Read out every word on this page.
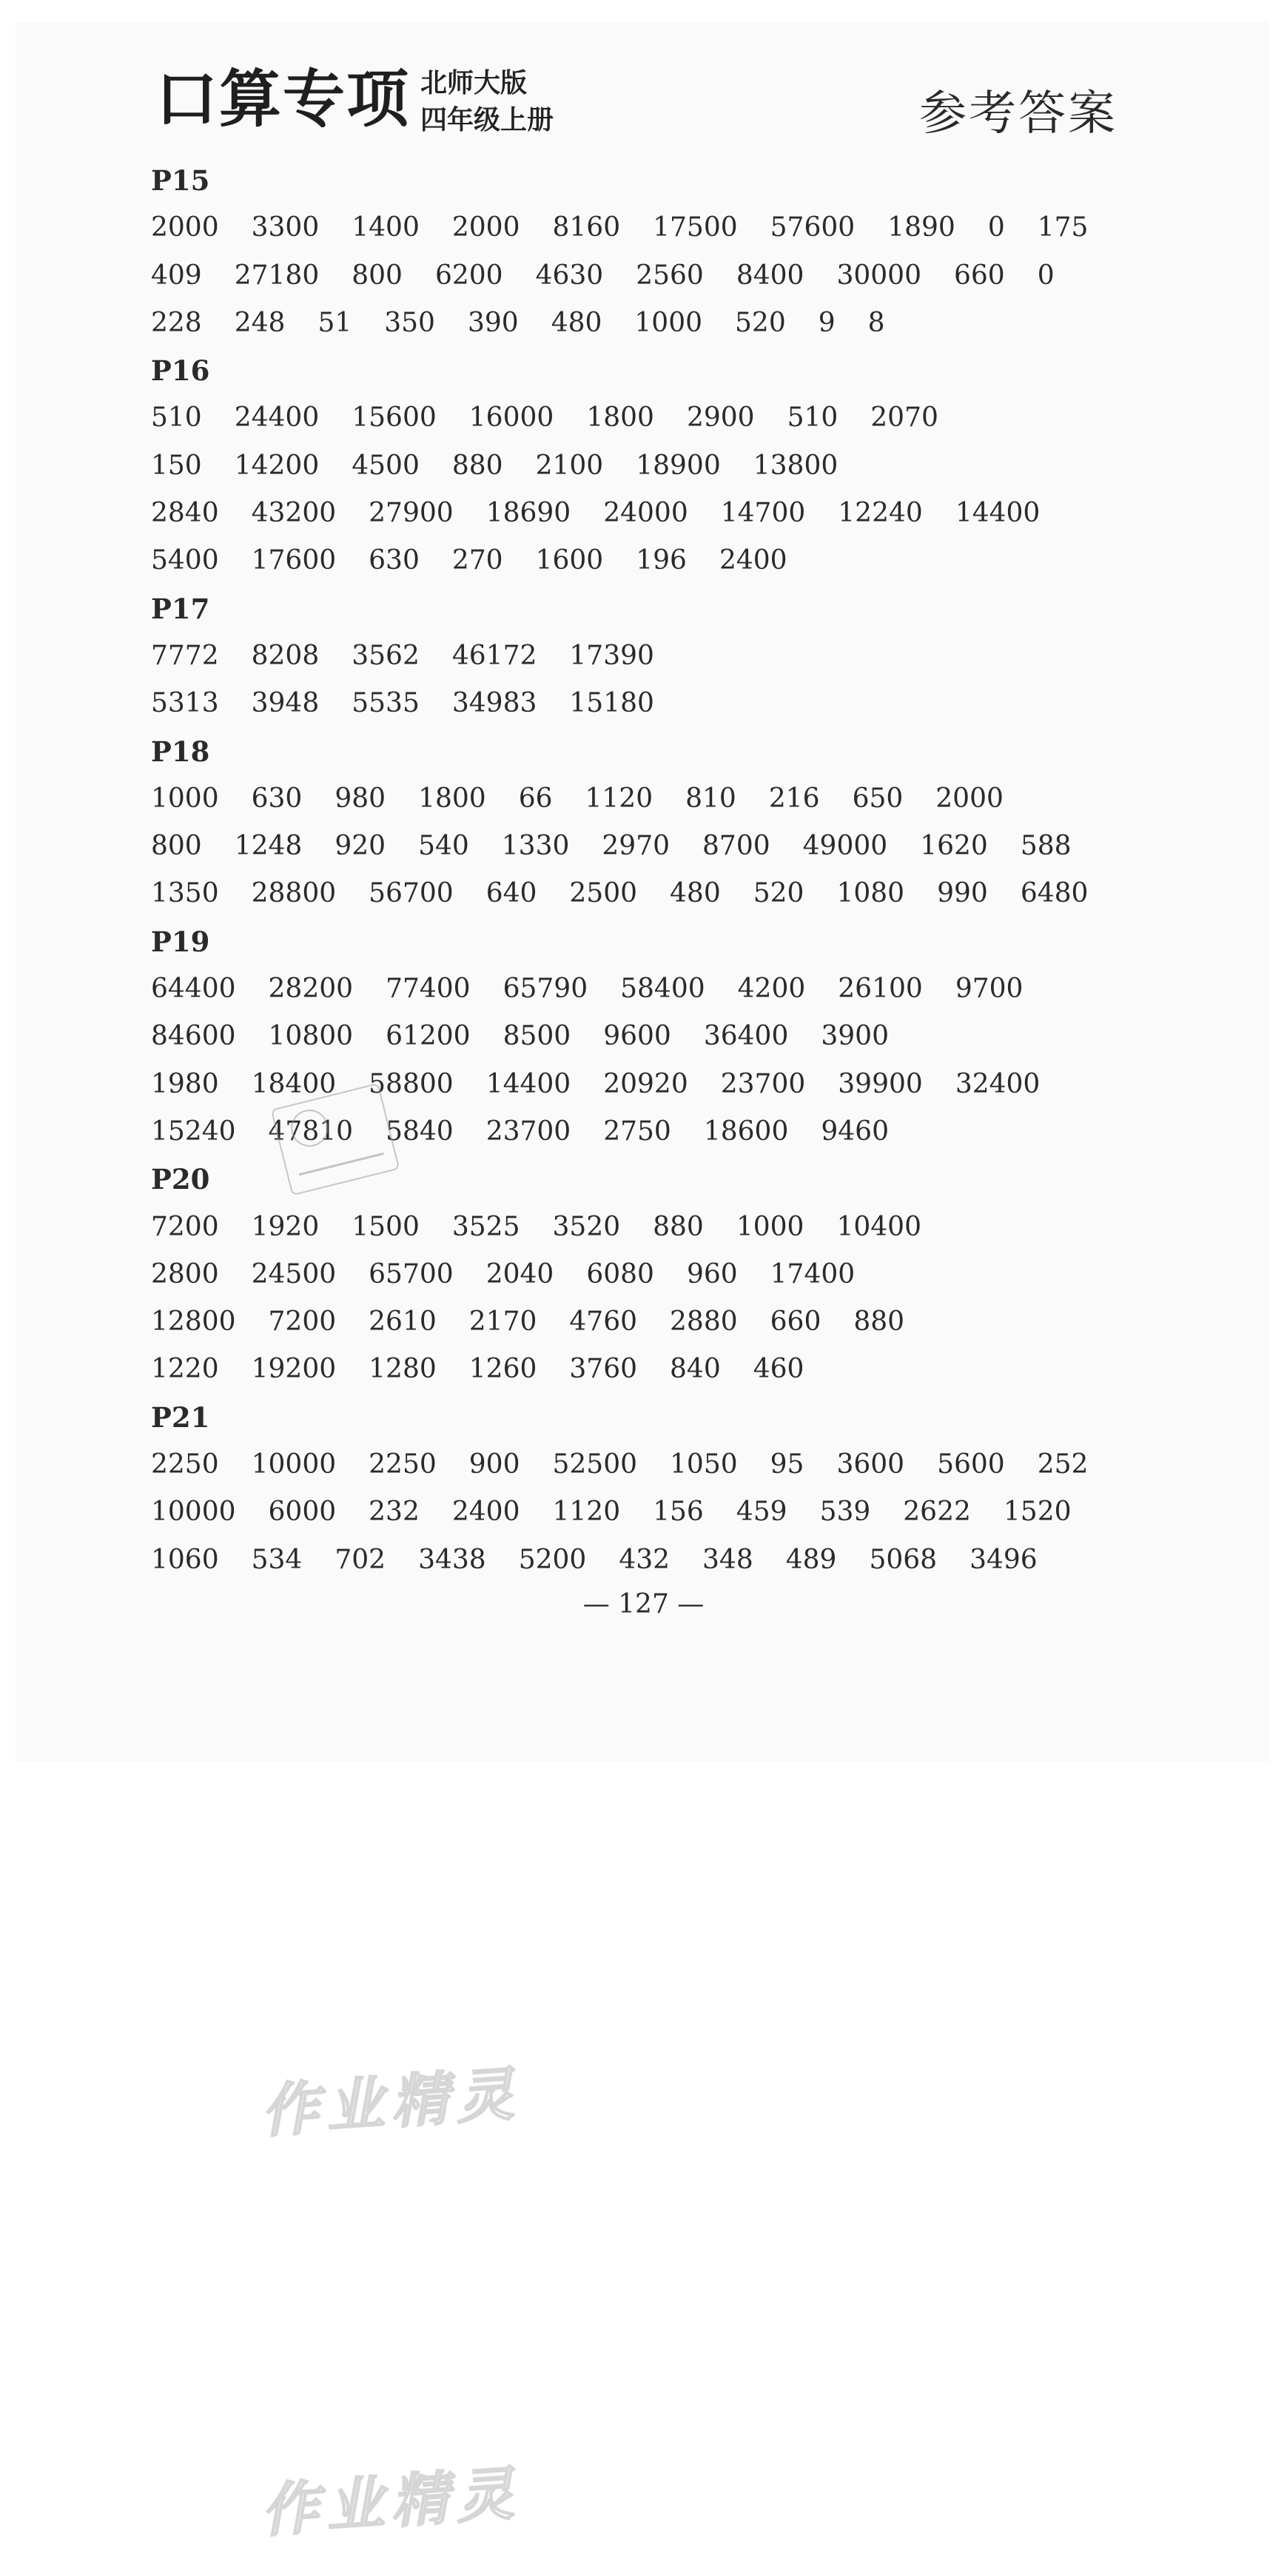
口算专项 北师大版
四年级上册	参考答案
P15
2000 3300 1400 2000 8160 17500 57600 1890 0 175
409 27180 800 6200 4630 2560 8400 30000 660 0
228 248 51 350 390 480 1000 520 9 8
P16
510 24400 15600 16000 1800 2900 510 2070
150 14200 4500 880 2100 18900 13800
2840 43200 27900 18690 24000 14700 12240 14400
5400 17600 630 270 1600 196 2400
P17
7772 8208 3562 46172 17390
5313 3948 5535 34983 15180
P18
1000 630 980 1800 66 1120 810 216 650 2000
800 1248 920 540 1330 2970 8700 49000 1620 588
1350 28800 56700 640 2500 480 520 1080 990 6480
P19
64400 28200 77400 65790 58400 4200 26100 9700
84600 10800 61200 8500 9600 36400 3900
1980 18400 58800 14400 20920 23700 39900 32400
15240 47810 5840 23700 2750 18600 9460
P20
7200 1920 1500 3525 3520 880 1000 10400
2800 24500 65700 2040 6080 960 17400
12800 7200 2610 2170 4760 2880 660 880
1220 19200 1280 1260 3760 840 460
P21
2250 10000 2250 900 52500 1050 95 3600 5600 252
10000 6000 232 2400 1120 156 459 539 2622 1520
1060 534 702 3438 5200 432 348 489 5068 3496
— 127 —
作业精灵
作业精灵
